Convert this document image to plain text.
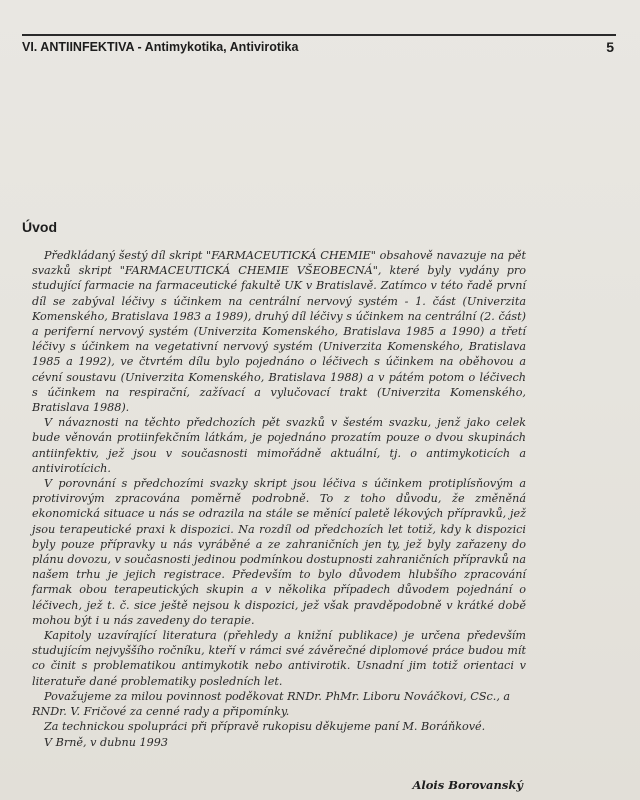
VI. ANTIINFEKTIVA - Antimykotika, Antivirotika	5
Úvod

Předkládaný šestý díl skript "FARMACEUTICKÁ CHEMIE" obsahově navazuje na pět svazků skript "FARMACEUTICKÁ CHEMIE VŠEOBECNÁ", které byly vydány pro studující farmacie na farmaceutické fakultě UK v Bratislavě. Zatímco v této řadě první díl se zabýval léčivy s účinkem na centrální nervový systém - 1. část (Univerzita Komenského, Bratislava 1983 a 1989), druhý díl léčivy s účinkem na centrální (2. část) a periferní nervový systém (Univerzita Komenského, Bratislava 1985 a 1990) a třetí léčivy s účinkem na vegetativní nervový systém (Univerzita Komenského, Bratislava 1985 a 1992), ve čtvrtém dílu bylo pojednáno o léčivech s účinkem na oběhovou a cévní soustavu (Univerzita Komenského, Bratislava 1988) a v pátém potom o léčivech s účinkem na respirační, zažívací a vylučovací trakt (Univerzita Komenského, Bratislava 1988).

V návaznosti na těchto předchozích pět svazků v šestém svazku, jenž jako celek bude věnován protiinfekčním látkám, je pojednáno prozatím pouze o dvou skupinách antiinfektiv, jež jsou v současnosti mimořádně aktuální, tj. o antimykoticích a antivirotícich.

V porovnání s předchozími svazky skript jsou léčiva s účinkem protiplísňovým a protivirovým zpracována poměrně podrobně. To z toho důvodu, že změněná ekonomická situace u nás se odrazila na stále se měnící paletě lékových přípravků, jež jsou terapeutické praxi k dispozici. Na rozdíl od předchozích let totiž, kdy k dispozici byly pouze přípravky u nás vyráběné a ze zahraničních jen ty, jež byly zařazeny do plánu dovozu, v současnosti jedinou podmínkou dostupnosti zahraničních přípravků na našem trhu je jejich registrace. Především to bylo důvodem hlubšího zpracování farmak obou terapeutických skupin a v několika případech důvodem pojednání o léčivech, jež t. č. sice ještě nejsou k dispozici, jež však pravděpodobně v krátké době mohou být i u nás zavedeny do terapie.

Kapitoly uzavírající literatura (přehledy a knižní publikace) je určena především studujícím nejvyššího ročníku, kteří v rámci své závěrečné diplomové práce budou mít co činit s problematikou antimykotik nebo antivirotik. Usnadní jim totiž orientaci v literatuře dané problematiky posledních let.

Považujeme za milou povinnost poděkovat RNDr. PhMr. Liboru Nováčkovi, CSc., a RNDr. V. Fričové za cenné rady a připomínky.

Za technickou spolupráci při přípravě rukopisu děkujeme paní M. Boráňkové.

V Brně, v dubnu 1993

Alois Borovanský
